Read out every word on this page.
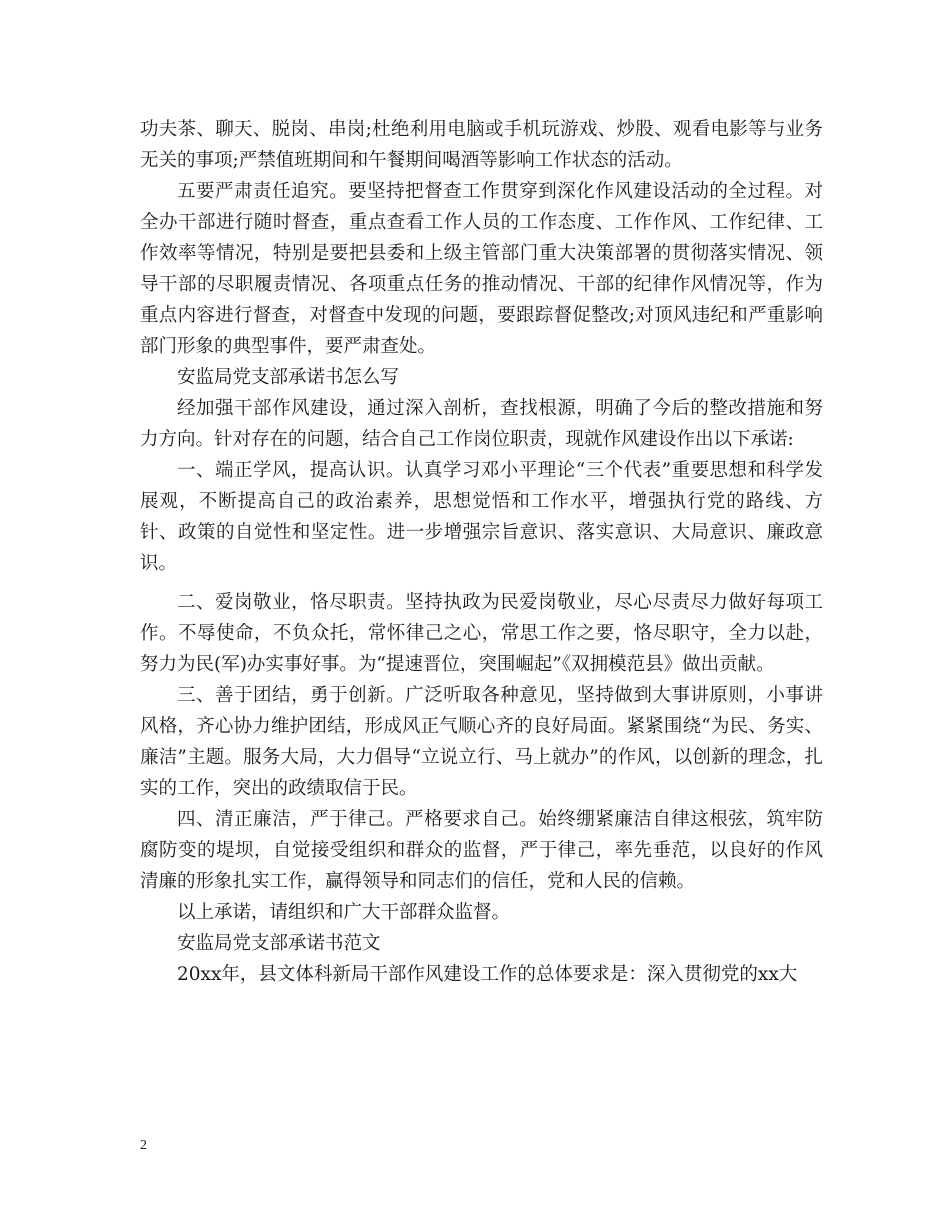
功夫茶、聊天、脱岗、串岗;杜绝利用电脑或手机玩游戏、炒股、观看电影等与业务无关的事项;严禁值班期间和午餐期间喝酒等影响工作状态的活动。

五要严肃责任追究。要坚持把督查工作贯穿到深化作风建设活动的全过程。对全办干部进行随时督查，重点查看工作人员的工作态度、工作作风、工作纪律、工作效率等情况，特别是要把县委和上级主管部门重大决策部署的贯彻落实情况、领导干部的尽职履责情况、各项重点任务的推动情况、干部的纪律作风情况等，作为重点内容进行督查，对督查中发现的问题，要跟踪督促整改;对顶风违纪和严重影响部门形象的典型事件，要严肃查处。

安监局党支部承诺书怎么写

经加强干部作风建设，通过深入剖析，查找根源，明确了今后的整改措施和努力方向。针对存在的问题，结合自己工作岗位职责，现就作风建设作出以下承诺:

一、端正学风，提高认识。认真学习邓小平理论“三个代表”重要思想和科学发展观，不断提高自己的政治素养，思想觉悟和工作水平，增强执行党的路线、方针、政策的自觉性和坚定性。进一步增强宗旨意识、落实意识、大局意识、廉政意识。

二、爱岗敬业，恪尽职责。坚持执政为民爱岗敬业，尽心尽责尽力做好每项工作。不辱使命，不负众托，常怀律己之心，常思工作之要，恪尽职守，全力以赴，努力为民(军)办实事好事。为“提速晋位，突围崛起”《双拥模范县》做出贡献。

三、善于团结，勇于创新。广泛听取各种意见，坚持做到大事讲原则，小事讲风格，齐心协力维护团结，形成风正气顺心齐的良好局面。紧紧围绕“为民、务实、廉洁”主题。服务大局，大力倡导“立说立行、马上就办”的作风，以创新的理念，扎实的工作，突出的政绩取信于民。

四、清正廉洁，严于律己。严格要求自己。始终绷紧廉洁自律这根弦，筑牢防腐防变的堤坝，自觉接受组织和群众的监督，严于律己，率先垂范，以良好的作风清廉的形象扎实工作，赢得领导和同志们的信任，党和人民的信赖。

以上承诺，请组织和广大干部群众监督。

安监局党支部承诺书范文

20xx年，县文体科新局干部作风建设工作的总体要求是：深入贯彻党的xx大

2
